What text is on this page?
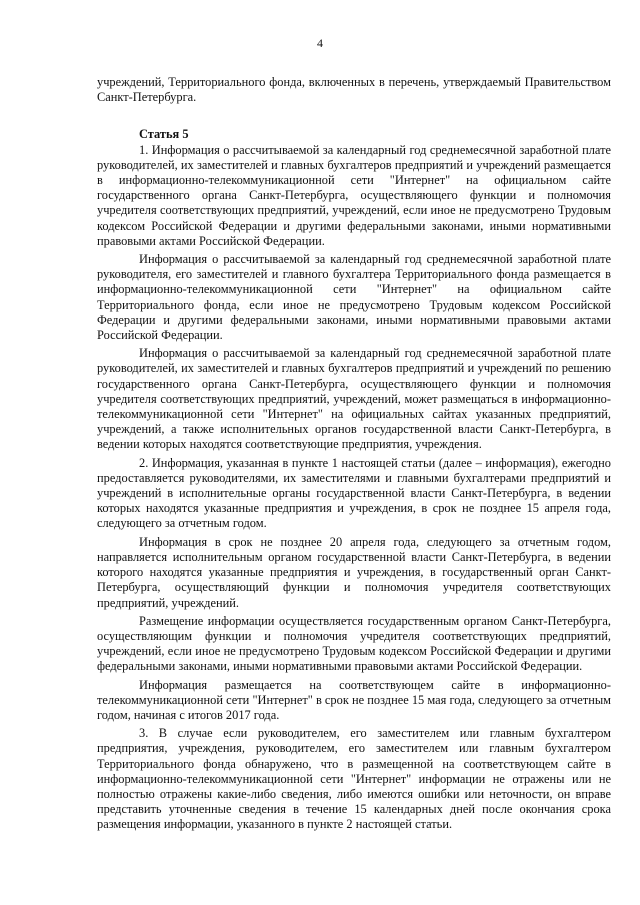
4

учреждений, Территориального фонда, включенных в перечень, утверждаемый Правительством Санкт-Петербурга.

Статья 5

1. Информация о рассчитываемой за календарный год среднемесячной заработной плате руководителей, их заместителей и главных бухгалтеров предприятий и учреждений размещается в информационно-телекоммуникационной сети "Интернет" на официальном сайте государственного органа Санкт-Петербурга, осуществляющего функции и полномочия учредителя соответствующих предприятий, учреждений, если иное не предусмотрено Трудовым кодексом Российской Федерации и другими федеральными законами, иными нормативными правовыми актами Российской Федерации.

Информация о рассчитываемой за календарный год среднемесячной заработной плате руководителя, его заместителей и главного бухгалтера Территориального фонда размещается в информационно-телекоммуникационной сети "Интернет" на официальном сайте Территориального фонда, если иное не предусмотрено Трудовым кодексом Российской Федерации и другими федеральными законами, иными нормативными правовыми актами Российской Федерации.

Информация о рассчитываемой за календарный год среднемесячной заработной плате руководителей, их заместителей и главных бухгалтеров предприятий и учреждений по решению государственного органа Санкт-Петербурга, осуществляющего функции и полномочия учредителя соответствующих предприятий, учреждений, может размещаться в информационно-телекоммуникационной сети "Интернет" на официальных сайтах указанных предприятий, учреждений, а также исполнительных органов государственной власти Санкт-Петербурга, в ведении которых находятся соответствующие предприятия, учреждения.

2. Информация, указанная в пункте 1 настоящей статьи (далее – информация), ежегодно предоставляется руководителями, их заместителями и главными бухгалтерами предприятий и учреждений в исполнительные органы государственной власти Санкт-Петербурга, в ведении которых находятся указанные предприятия и учреждения, в срок не позднее 15 апреля года, следующего за отчетным годом.

Информация в срок не позднее 20 апреля года, следующего за отчетным годом, направляется исполнительным органом государственной власти Санкт-Петербурга, в ведении которого находятся указанные предприятия и учреждения, в государственный орган Санкт-Петербурга, осуществляющий функции и полномочия учредителя соответствующих предприятий, учреждений.

Размещение информации осуществляется государственным органом Санкт-Петербурга, осуществляющим функции и полномочия учредителя соответствующих предприятий, учреждений, если иное не предусмотрено Трудовым кодексом Российской Федерации и другими федеральными законами, иными нормативными правовыми актами Российской Федерации.

Информация размещается на соответствующем сайте в информационно-телекоммуникационной сети "Интернет" в срок не позднее 15 мая года, следующего за отчетным годом, начиная с итогов 2017 года.

3. В случае если руководителем, его заместителем или главным бухгалтером предприятия, учреждения, руководителем, его заместителем или главным бухгалтером Территориального фонда обнаружено, что в размещенной на соответствующем сайте в информационно-телекоммуникационной сети "Интернет" информации не отражены или не полностью отражены какие-либо сведения, либо имеются ошибки или неточности, он вправе представить уточненные сведения в течение 15 календарных дней после окончания срока размещения информации, указанного в пункте 2 настоящей статьи.
